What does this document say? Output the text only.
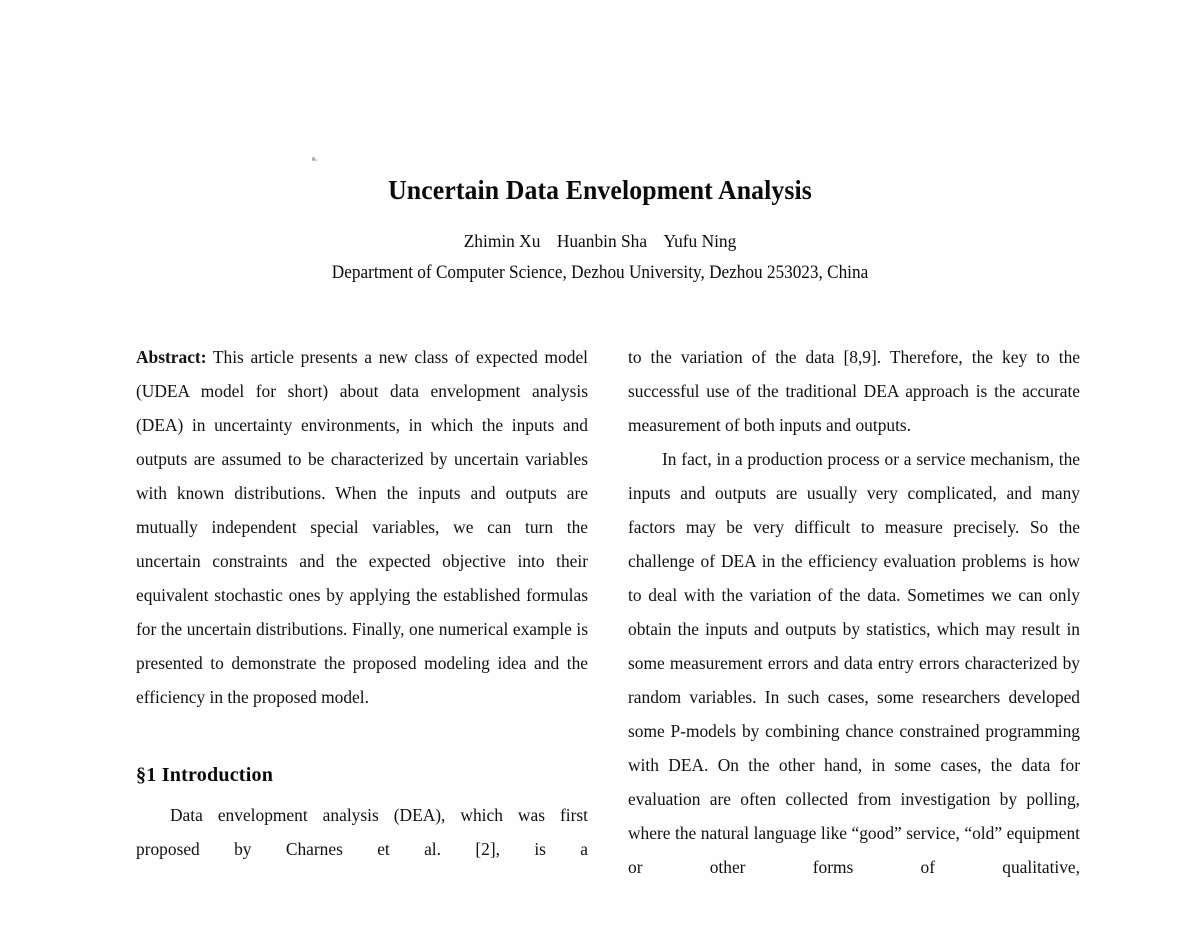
Uncertain Data Envelopment Analysis

Zhimin Xu Huanbin Sha Yufu Ning

Department of Computer Science, Dezhou University, Dezhou 253023, China

Abstract: This article presents a new class of expected model (UDEA model for short) about data envelopment analysis (DEA) in uncertainty environments, in which the inputs and outputs are assumed to be characterized by uncertain variables with known distributions. When the inputs and outputs are mutually independent special variables, we can turn the uncertain constraints and the expected objective into their equivalent stochastic ones by applying the established formulas for the uncertain distributions. Finally, one numerical example is presented to demonstrate the proposed modeling idea and the efficiency in the proposed model.

§1 Introduction

Data envelopment analysis (DEA), which was first proposed by Charnes et al. [2], is a

to the variation of the data [8,9]. Therefore, the key to the successful use of the traditional DEA approach is the accurate measurement of both inputs and outputs.

In fact, in a production process or a service mechanism, the inputs and outputs are usually very complicated, and many factors may be very difficult to measure precisely. So the challenge of DEA in the efficiency evaluation problems is how to deal with the variation of the data. Sometimes we can only obtain the inputs and outputs by statistics, which may result in some measurement errors and data entry errors characterized by random variables. In such cases, some researchers developed some P-models by combining chance constrained programming with DEA. On the other hand, in some cases, the data for evaluation are often collected from investigation by polling, where the natural language like “good” service, “old” equipment or other forms of qualitative,
